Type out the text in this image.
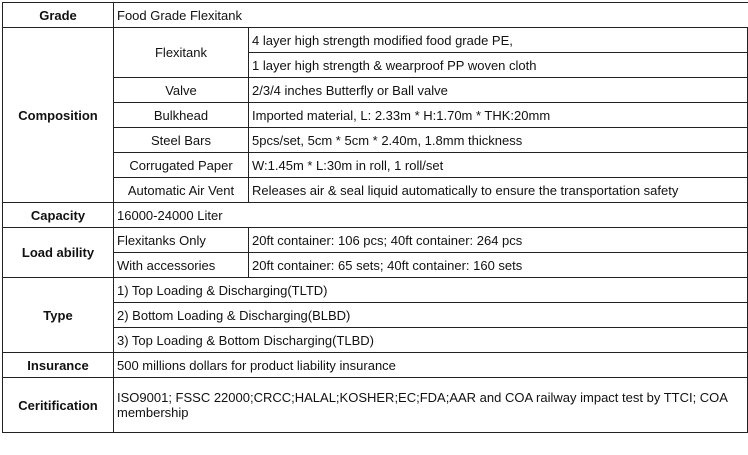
Grade	Food Grade Flexitank	
Composition	Flexitank	4 layer high strength modified food grade PE,
		1 layer high strength & wearproof PP woven cloth
	Valve	2/3/4 inches Butterfly or Ball valve
	Bulkhead	Imported material, L: 2.33m * H:1.70m * THK:20mm
	Steel Bars	5pcs/set, 5cm * 5cm * 2.40m, 1.8mm thickness
	Corrugated Paper	W:1.45m * L:30m in roll, 1 roll/set
	Automatic Air Vent	Releases air & seal liquid automatically to ensure the transportation safety
Capacity	16000-24000 Liter	
Load ability	Flexitanks Only	20ft container: 106 pcs; 40ft container: 264 pcs
	With accessories	20ft container: 65 sets; 40ft container: 160 sets
Type	1) Top Loading & Discharging(TLTD)	
	2) Bottom Loading & Discharging(BLBD)	
	3) Top Loading & Bottom Discharging(TLBD)	
Insurance	500 millions dollars for product liability insurance	
Ceritification	ISO9001; FSSC 22000;CRCC;HALAL;KOSHER;EC;FDA;AAR and COA railway impact test by TTCI; COA membership	
